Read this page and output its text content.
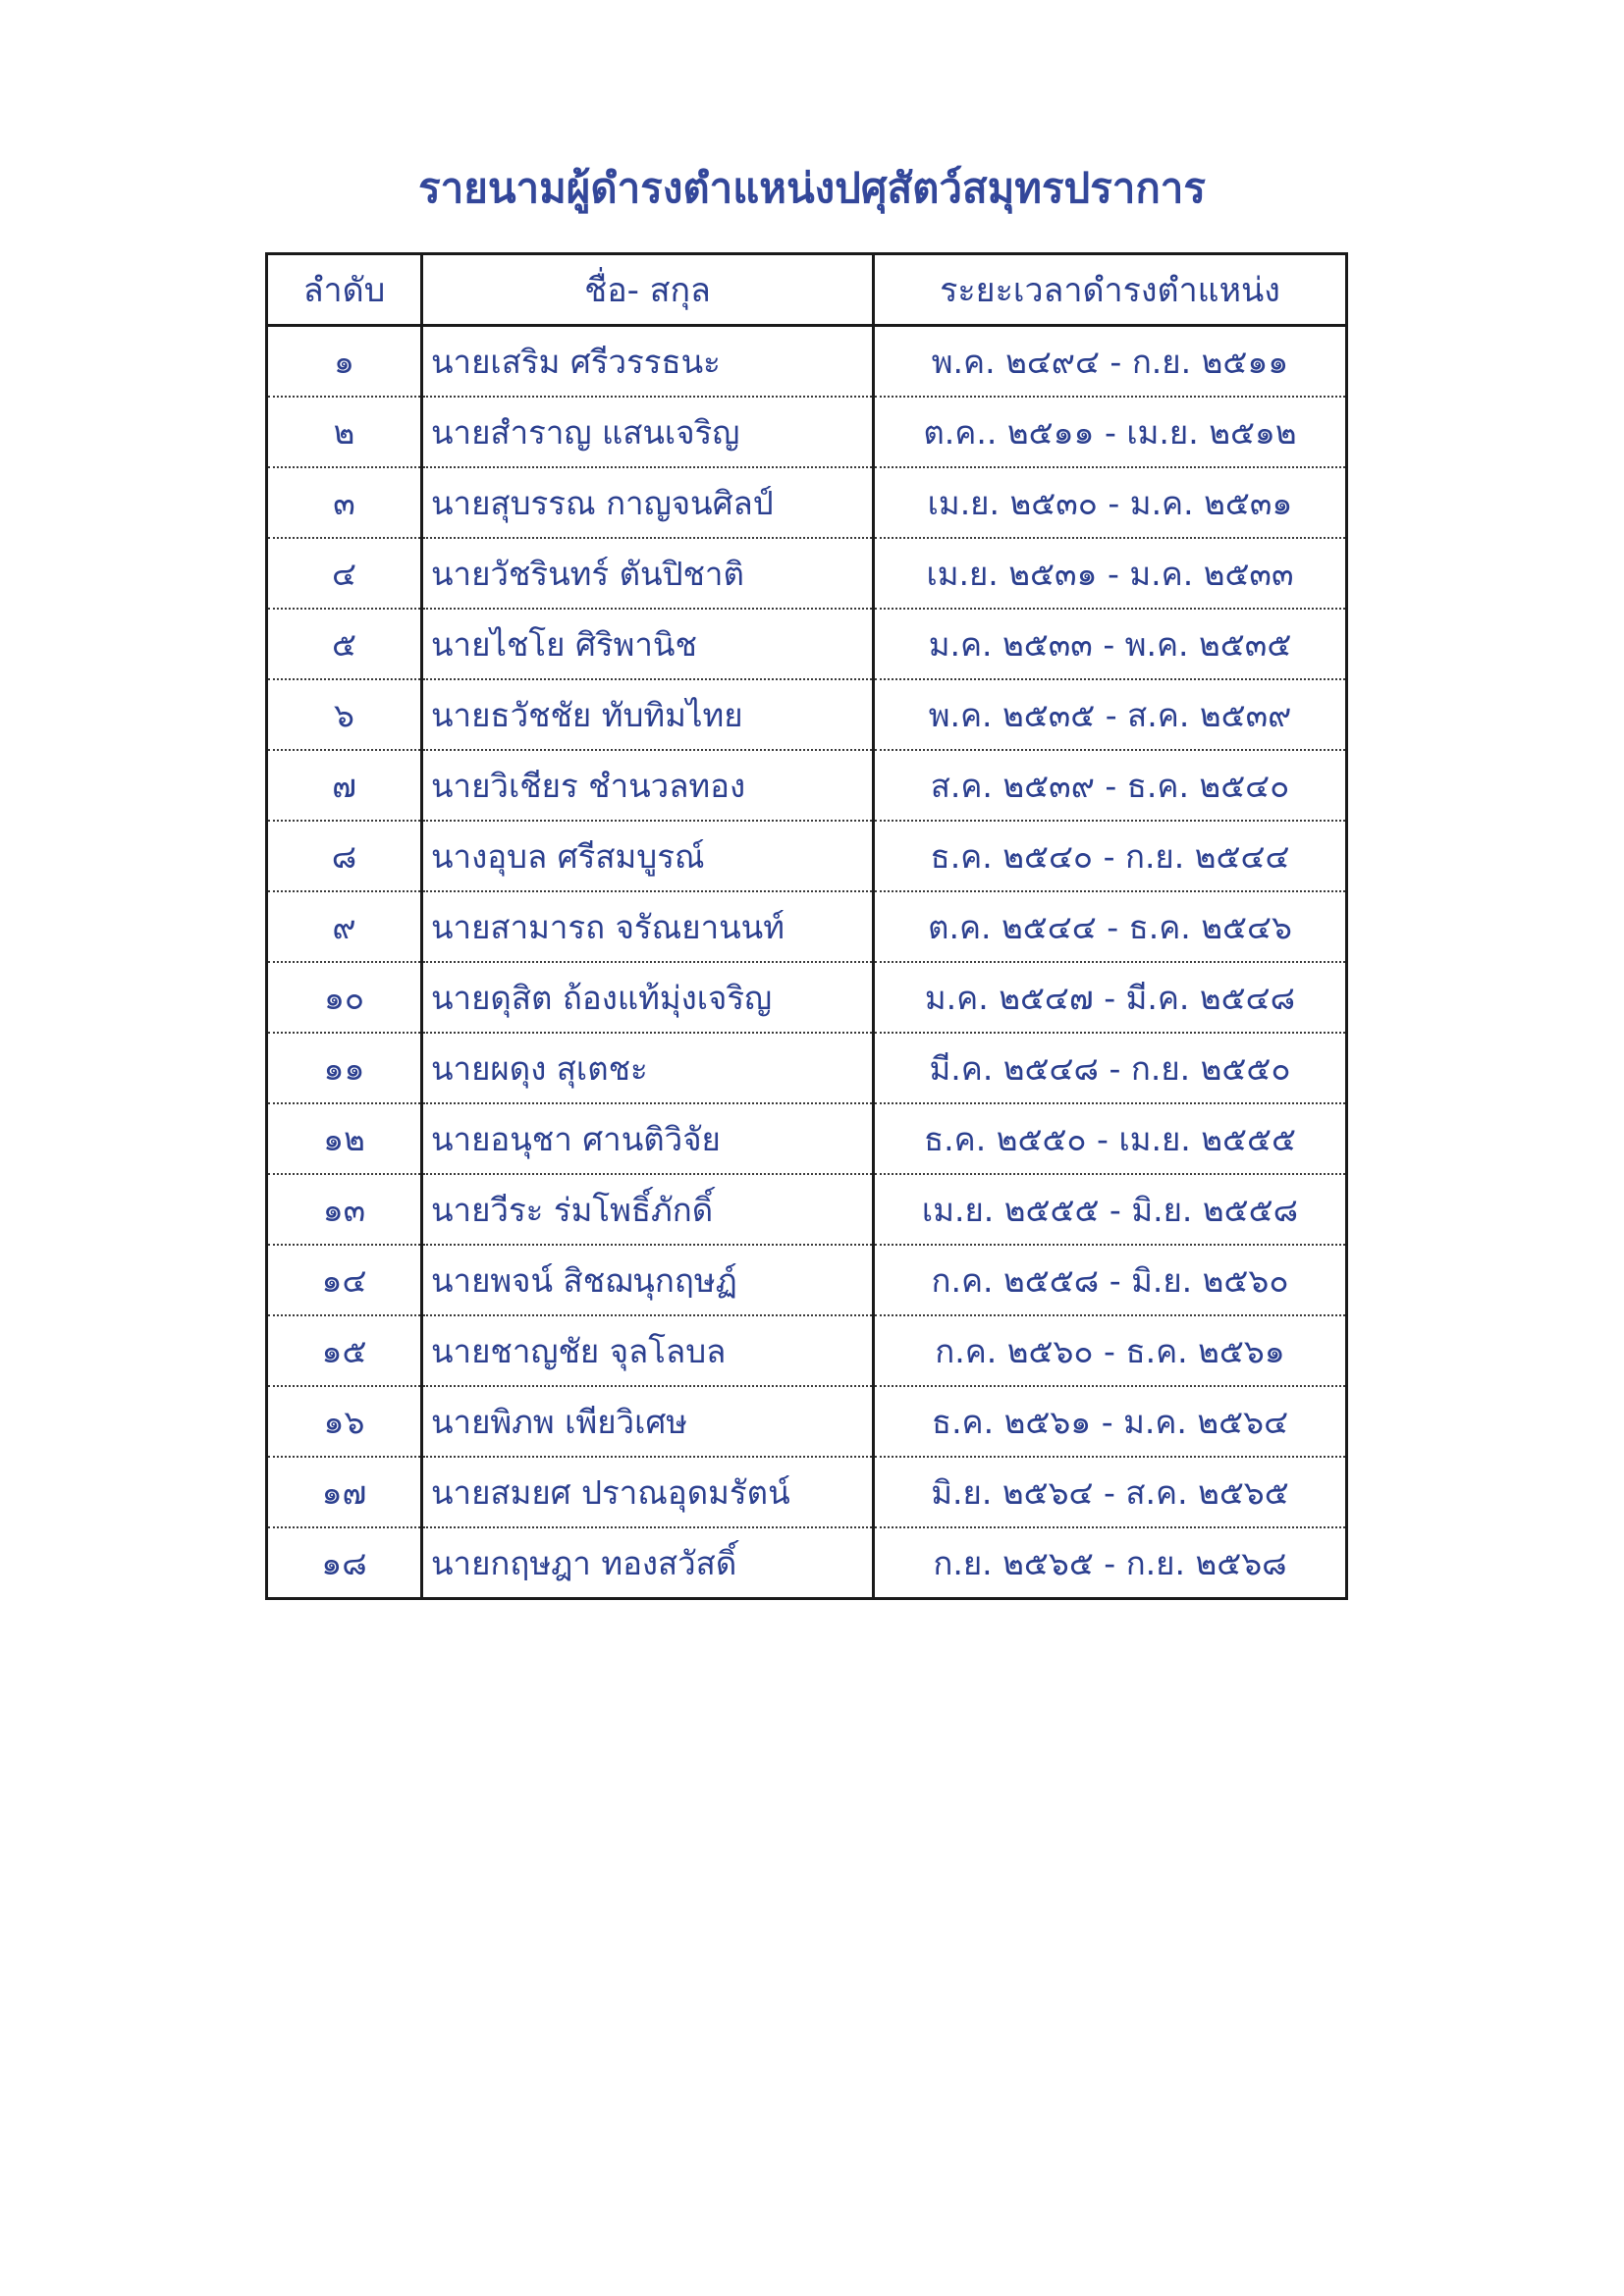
รายนามผู้ดำรงตำแหน่งปศุสัตว์สมุทรปราการ
ลำดับ	ชื่อ- สกุล	ระยะเวลาดำรงตำแหน่ง
๑	นายเสริม ศรีวรรธนะ	พ.ค. ๒๔๙๔ - ก.ย. ๒๕๑๑
๒	นายสำราญ แสนเจริญ	ต.ค.. ๒๕๑๑ - เม.ย. ๒๕๑๒
๓	นายสุบรรณ กาญจนศิลป์	เม.ย. ๒๕๓๐ - ม.ค. ๒๕๓๑
๔	นายวัชรินทร์ ตันปิชาติ	เม.ย. ๒๕๓๑ - ม.ค. ๒๕๓๓
๕	นายไชโย ศิริพานิช	ม.ค. ๒๕๓๓ - พ.ค. ๒๕๓๕
๖	นายธวัชชัย ทับทิมไทย	พ.ค. ๒๕๓๕ - ส.ค. ๒๕๓๙
๗	นายวิเชียร ชำนวลทอง	ส.ค. ๒๕๓๙ - ธ.ค. ๒๕๔๐
๘	นางอุบล ศรีสมบูรณ์	ธ.ค. ๒๕๔๐ - ก.ย. ๒๕๔๔
๙	นายสามารถ จรัณยานนท์	ต.ค. ๒๕๔๔ - ธ.ค. ๒๕๔๖
๑๐	นายดุสิต ถ้องแท้มุ่งเจริญ	ม.ค. ๒๕๔๗ - มี.ค. ๒๕๔๘
๑๑	นายผดุง สุเตชะ	มี.ค. ๒๕๔๘ - ก.ย. ๒๕๕๐
๑๒	นายอนุชา ศานติวิจัย	ธ.ค. ๒๕๕๐ - เม.ย. ๒๕๕๕
๑๓	นายวีระ ร่มโพธิ์ภักดิ์	เม.ย. ๒๕๕๕ - มิ.ย. ๒๕๕๘
๑๔	นายพจน์ สิชฌนุกฤษฏ์	ก.ค. ๒๕๕๘ - มิ.ย. ๒๕๖๐
๑๕	นายชาญชัย จุลโลบล	ก.ค. ๒๕๖๐ - ธ.ค. ๒๕๖๑
๑๖	นายพิภพ เพียวิเศษ	ธ.ค. ๒๕๖๑ - ม.ค. ๒๕๖๔
๑๗	นายสมยศ ปราณอุดมรัตน์	มิ.ย. ๒๕๖๔ - ส.ค. ๒๕๖๕
๑๘	นายกฤษฎา ทองสวัสดิ์	ก.ย. ๒๕๖๕ - ก.ย. ๒๕๖๘
